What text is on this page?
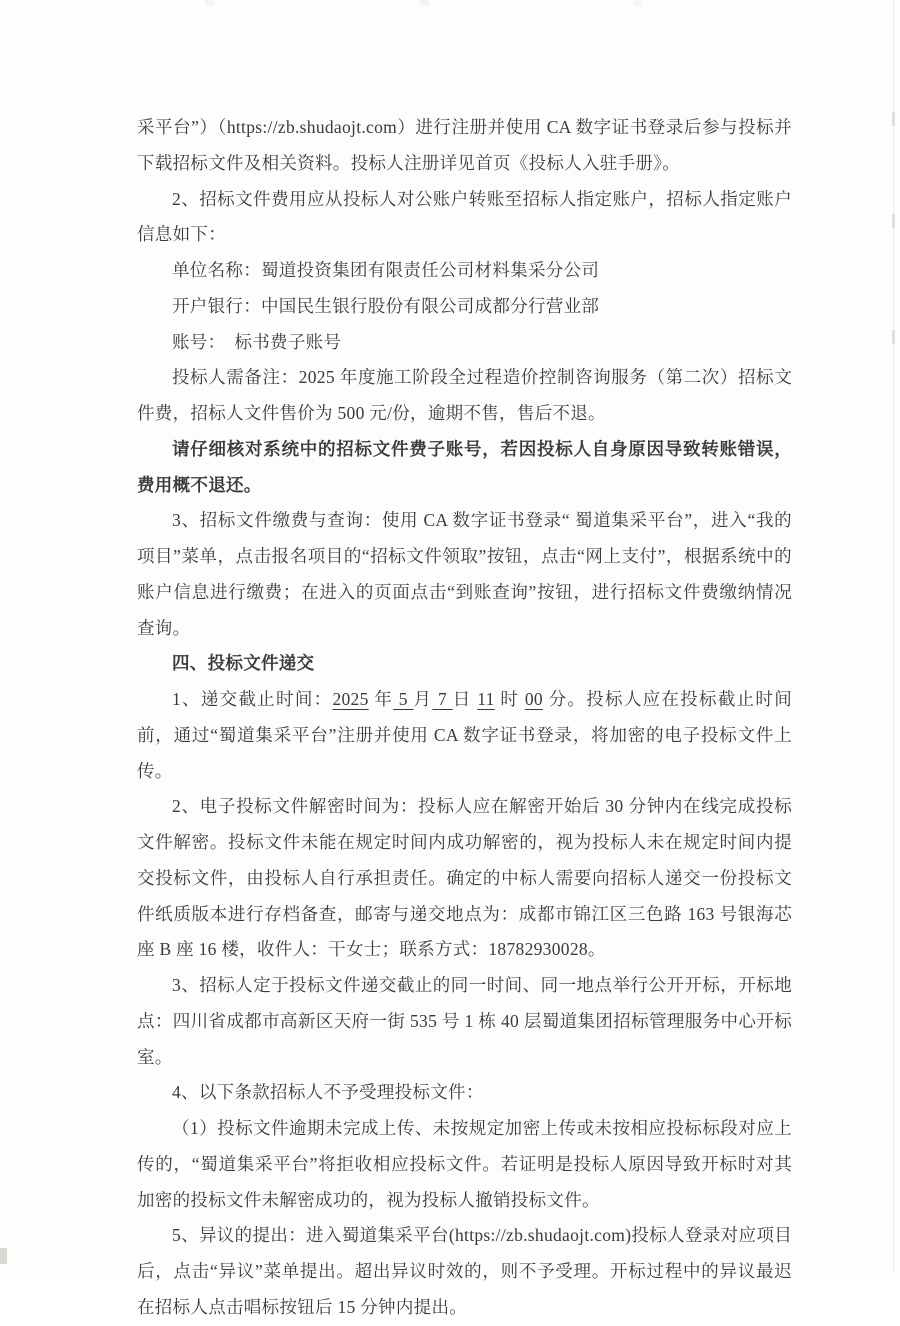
采平台”）（https://zb.shudaojt.com）进行注册并使用 CA 数字证书登录后参与投标并下载招标文件及相关资料。投标人注册详见首页《投标人入驻手册》。

2、招标文件费用应从投标人对公账户转账至招标人指定账户，招标人指定账户信息如下：

单位名称：蜀道投资集团有限责任公司材料集采分公司

开户银行：中国民生银行股份有限公司成都分行营业部

账号：　标书费子账号

投标人需备注：2025 年度施工阶段全过程造价控制咨询服务（第二次）招标文件费，招标人文件售价为 500 元/份，逾期不售，售后不退。

请仔细核对系统中的招标文件费子账号，若因投标人自身原因导致转账错误，费用概不退还。

3、招标文件缴费与查询：使用 CA 数字证书登录“ 蜀道集采平台”，进入“我的项目”菜单，点击报名项目的“招标文件领取”按钮，点击“网上支付”，根据系统中的账户信息进行缴费；在进入的页面点击“到账查询”按钮，进行招标文件费缴纳情况查询。

四、投标文件递交

1、递交截止时间：2025 年 5 月 7 日 11 时 00 分。投标人应在投标截止时间前，通过“蜀道集采平台”注册并使用 CA 数字证书登录，将加密的电子投标文件上传。

2、电子投标文件解密时间为：投标人应在解密开始后 30 分钟内在线完成投标文件解密。投标文件未能在规定时间内成功解密的，视为投标人未在规定时间内提交投标文件，由投标人自行承担责任。确定的中标人需要向招标人递交一份投标文件纸质版本进行存档备查，邮寄与递交地点为：成都市锦江区三色路 163 号银海芯座 B 座 16 楼，收件人：干女士；联系方式：18782930028。

3、招标人定于投标文件递交截止的同一时间、同一地点举行公开开标，开标地点：四川省成都市高新区天府一街 535 号 1 栋 40 层蜀道集团招标管理服务中心开标室。

4、以下条款招标人不予受理投标文件：

（1）投标文件逾期未完成上传、未按规定加密上传或未按相应投标标段对应上传的，“蜀道集采平台”将拒收相应投标文件。若证明是投标人原因导致开标时对其加密的投标文件未解密成功的，视为投标人撤销投标文件。

5、异议的提出：进入蜀道集采平台(https://zb.shudaojt.com)投标人登录对应项目后，点击“异议”菜单提出。超出异议时效的，则不予受理。开标过程中的异议最迟在招标人点击唱标按钮后 15 分钟内提出。
